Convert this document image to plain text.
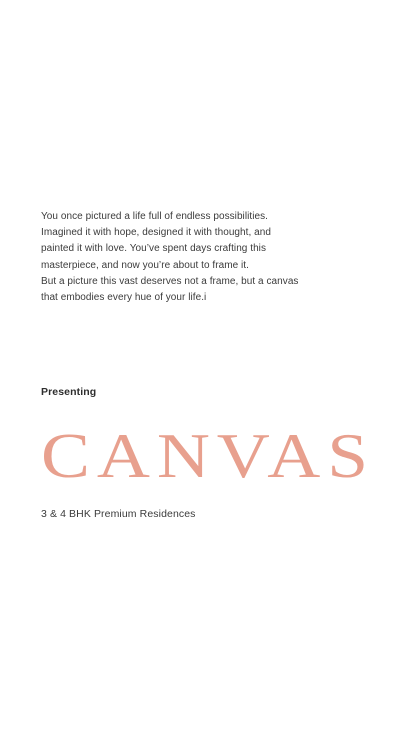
You once pictured a life full of endless possibilities.

Imagined it with hope, designed it with thought, and

painted it with love. You’ve spent days crafting this

masterpiece, and now you’re about to frame it.

But a picture this vast deserves not a frame, but a canvas

that embodies every hue of your life.i

Presenting
CANVAS
3 & 4 BHK Premium Residences
